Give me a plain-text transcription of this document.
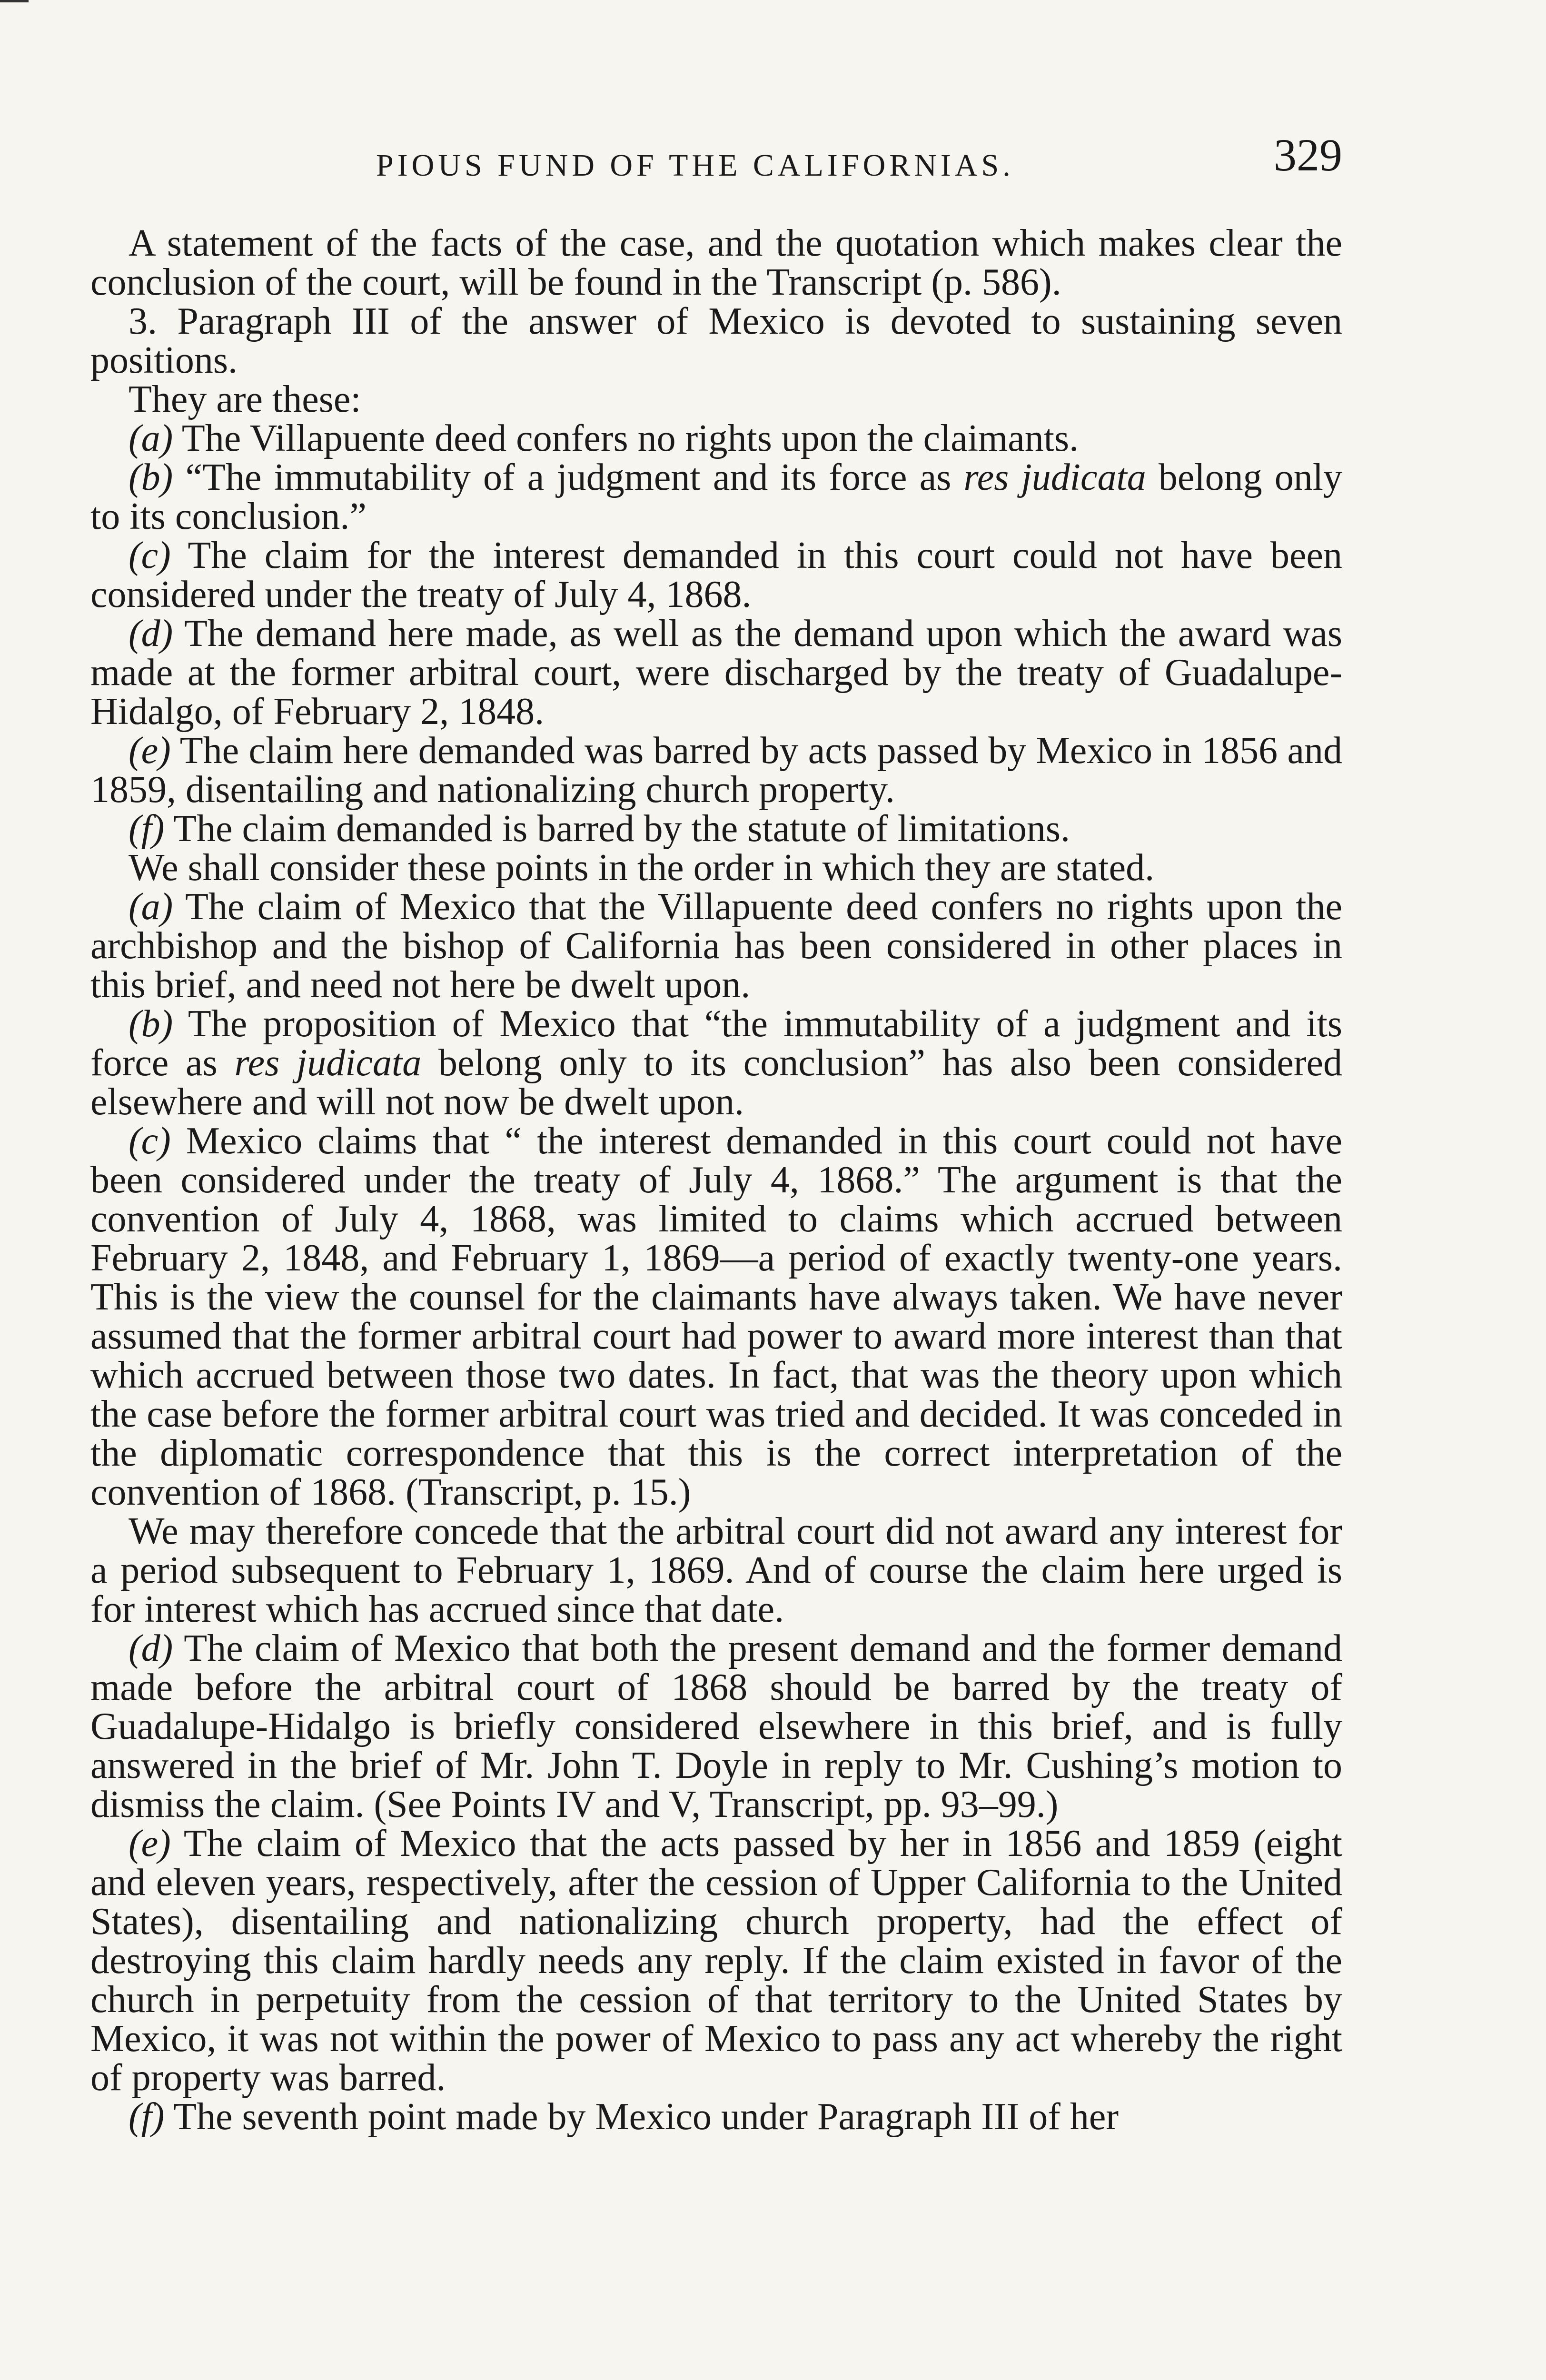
PIOUS FUND OF THE CALIFORNIAS.	329

A statement of the facts of the case, and the quotation which makes clear the conclusion of the court, will be found in the Transcript (p. 586).

3. Paragraph III of the answer of Mexico is devoted to sustaining seven positions.

They are these:

(a) The Villapuente deed confers no rights upon the claimants.

(b) “The immutability of a judgment and its force as res judicata belong only to its conclusion.”

(c) The claim for the interest demanded in this court could not have been considered under the treaty of July 4, 1868.

(d) The demand here made, as well as the demand upon which the award was made at the former arbitral court, were discharged by the treaty of Guadalupe-Hidalgo, of February 2, 1848.

(e) The claim here demanded was barred by acts passed by Mexico in 1856 and 1859, disentailing and nationalizing church property.

(f) The claim demanded is barred by the statute of limitations.

We shall consider these points in the order in which they are stated.

(a) The claim of Mexico that the Villapuente deed confers no rights upon the archbishop and the bishop of California has been considered in other places in this brief, and need not here be dwelt upon.

(b) The proposition of Mexico that “the immutability of a judgment and its force as res judicata belong only to its conclusion” has also been considered elsewhere and will not now be dwelt upon.

(c) Mexico claims that “ the interest demanded in this court could not have been considered under the treaty of July 4, 1868.” The argument is that the convention of July 4, 1868, was limited to claims which accrued between February 2, 1848, and February 1, 1869—a period of exactly twenty-one years. This is the view the counsel for the claimants have always taken. We have never assumed that the former arbitral court had power to award more interest than that which accrued between those two dates. In fact, that was the theory upon which the case before the former arbitral court was tried and decided. It was conceded in the diplomatic correspondence that this is the correct interpretation of the convention of 1868. (Transcript, p. 15.)

We may therefore concede that the arbitral court did not award any interest for a period subsequent to February 1, 1869. And of course the claim here urged is for interest which has accrued since that date.

(d) The claim of Mexico that both the present demand and the former demand made before the arbitral court of 1868 should be barred by the treaty of Guadalupe-Hidalgo is briefly considered elsewhere in this brief, and is fully answered in the brief of Mr. John T. Doyle in reply to Mr. Cushing’s motion to dismiss the claim. (See Points IV and V, Transcript, pp. 93–99.)

(e) The claim of Mexico that the acts passed by her in 1856 and 1859 (eight and eleven years, respectively, after the cession of Upper California to the United States), disentailing and nationalizing church property, had the effect of destroying this claim hardly needs any reply. If the claim existed in favor of the church in perpetuity from the cession of that territory to the United States by Mexico, it was not within the power of Mexico to pass any act whereby the right of property was barred.

(f) The seventh point made by Mexico under Paragraph III of her
